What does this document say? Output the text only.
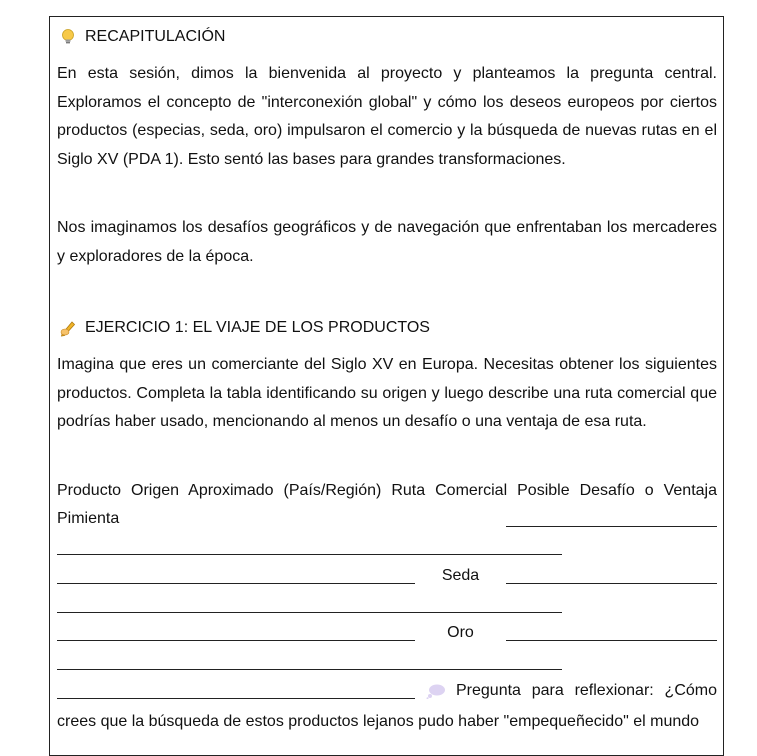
RECAPITULACIÓN

En esta sesión, dimos la bienvenida al proyecto y planteamos la pregunta central. Exploramos el concepto de "interconexión global" y cómo los deseos europeos por ciertos productos (especias, seda, oro) impulsaron el comercio y la búsqueda de nuevas rutas en el Siglo XV (PDA 1). Esto sentó las bases para grandes transformaciones.

Nos imaginamos los desafíos geográficos y de navegación que enfrentaban los mercaderes y exploradores de la época.

EJERCICIO 1: EL VIAJE DE LOS PRODUCTOS

Imagina que eres un comerciante del Siglo XV en Europa. Necesitas obtener los siguientes productos. Completa la tabla identificando su origen y luego describe una ruta comercial que podrías haber usado, mencionando al menos un desafío o una ventaja de esa ruta.

Producto Origen Aproximado (País/Región) Ruta Comercial Posible Desafío o Ventaja
Pimienta
Seda
Oro
Pregunta para reflexionar: ¿Cómo
crees que la búsqueda de estos productos lejanos pudo haber "empequeñecido" el mundo
